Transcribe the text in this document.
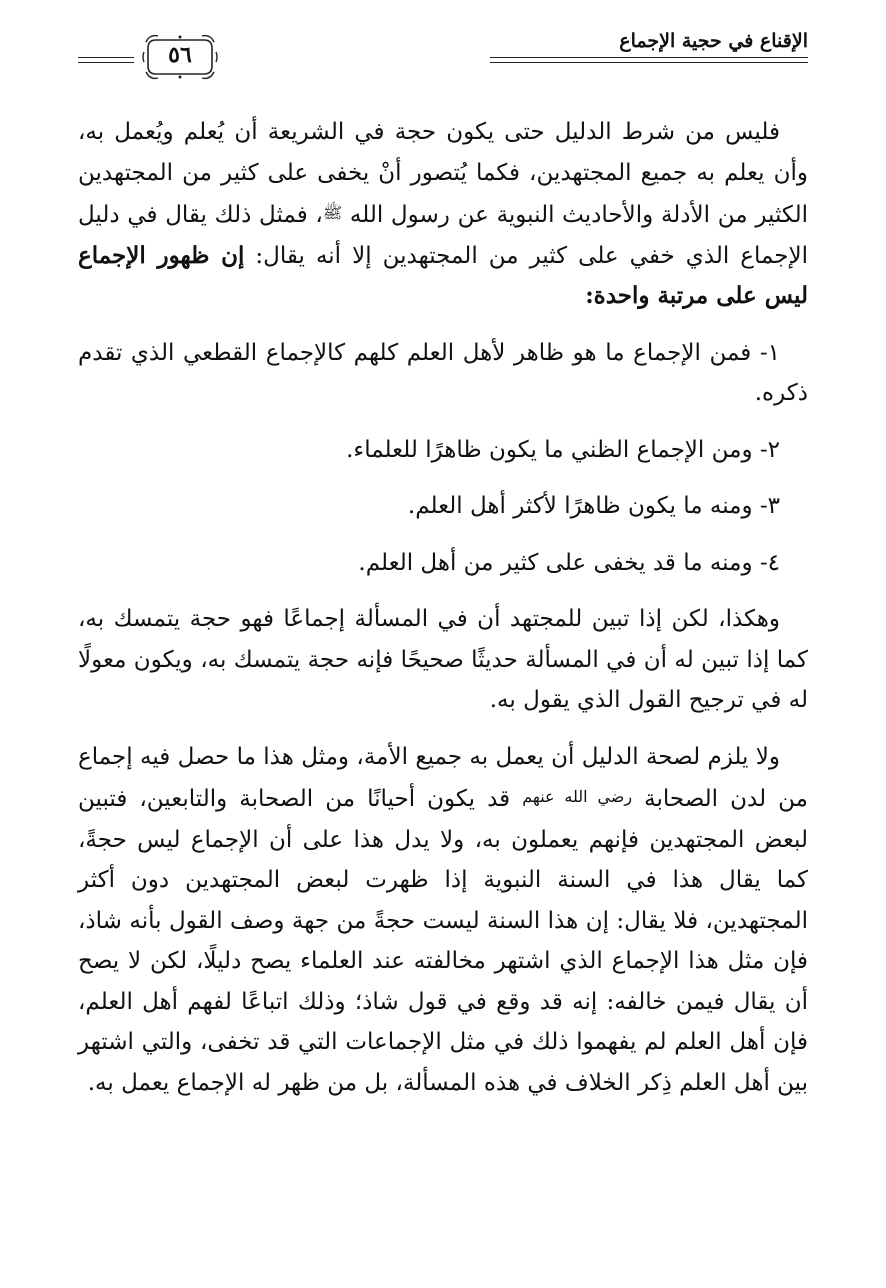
الإقناع في حجية الإجماع
٥٦

فليس من شرط الدليل حتى يكون حجة في الشريعة أن يُعلم ويُعمل به، وأن يعلم به جميع المجتهدين، فكما يُتصور أنْ يخفى على كثير من المجتهدين الكثير من الأدلة والأحاديث النبوية عن رسول الله ﷺ، فمثل ذلك يقال في دليل الإجماع الذي خفي على كثير من المجتهدين إلا أنه يقال: إن ظهور الإجماع ليس على مرتبة واحدة:

١- فمن الإجماع ما هو ظاهر لأهل العلم كلهم كالإجماع القطعي الذي تقدم ذكره.

٢- ومن الإجماع الظني ما يكون ظاهرًا للعلماء.

٣- ومنه ما يكون ظاهرًا لأكثر أهل العلم.

٤- ومنه ما قد يخفى على كثير من أهل العلم.

وهكذا، لكن إذا تبين للمجتهد أن في المسألة إجماعًا فهو حجة يتمسك به، كما إذا تبين له أن في المسألة حديثًا صحيحًا فإنه حجة يتمسك به، ويكون معولًا له في ترجيح القول الذي يقول به.

ولا يلزم لصحة الدليل أن يعمل به جميع الأمة، ومثل هذا ما حصل فيه إجماع من لدن الصحابة رضي الله عنهم قد يكون أحيانًا من الصحابة والتابعين، فتبين لبعض المجتهدين فإنهم يعملون به، ولا يدل هذا على أن الإجماع ليس حجةً، كما يقال هذا في السنة النبوية إذا ظهرت لبعض المجتهدين دون أكثر المجتهدين، فلا يقال: إن هذا السنة ليست حجةً من جهة وصف القول بأنه شاذ، فإن مثل هذا الإجماع الذي اشتهر مخالفته عند العلماء يصح دليلًا، لكن لا يصح أن يقال فيمن خالفه: إنه قد وقع في قول شاذ؛ وذلك اتباعًا لفهم أهل العلم، فإن أهل العلم لم يفهموا ذلك في مثل الإجماعات التي قد تخفى، والتي اشتهر بين أهل العلم ذِكر الخلاف في هذه المسألة، بل من ظهر له الإجماع يعمل به.
